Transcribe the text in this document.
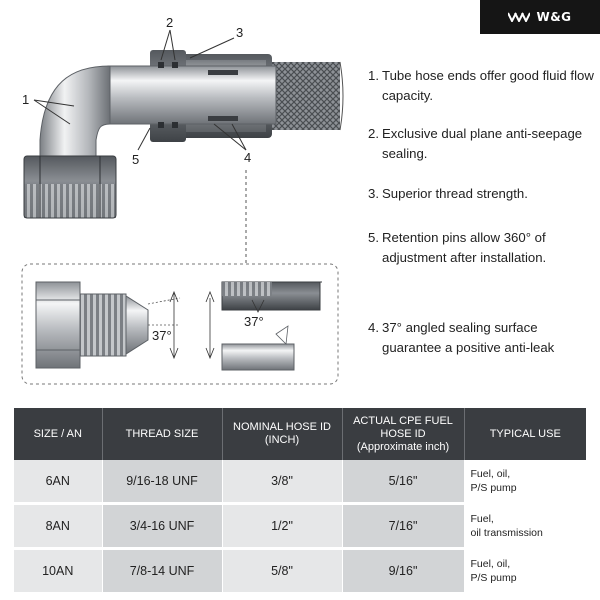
W&G
1
2
3
5	4
37°
37°
1. Tube hose ends offer good fluid flow capacity.
2. Exclusive dual plane anti-seepage sealing.
3. Superior thread strength.
5. Retention pins allow 360° of adjustment after installation.
4. 37° angled sealing surface guarantee a positive anti-leak
SIZE / AN	THREAD SIZE	NOMINAL HOSE ID (INCH)	ACTUAL CPE FUEL HOSE ID
(Approximate inch)	TYPICAL USE
6AN	9/16-18 UNF	3/8"	5/16"	Fuel, oil,
P/S pump

8AN	3/4-16 UNF	1/2"	7/16"	Fuel,
oil transmission

10AN	7/8-14 UNF	5/8"	9/16"	Fuel, oil,
P/S pump
